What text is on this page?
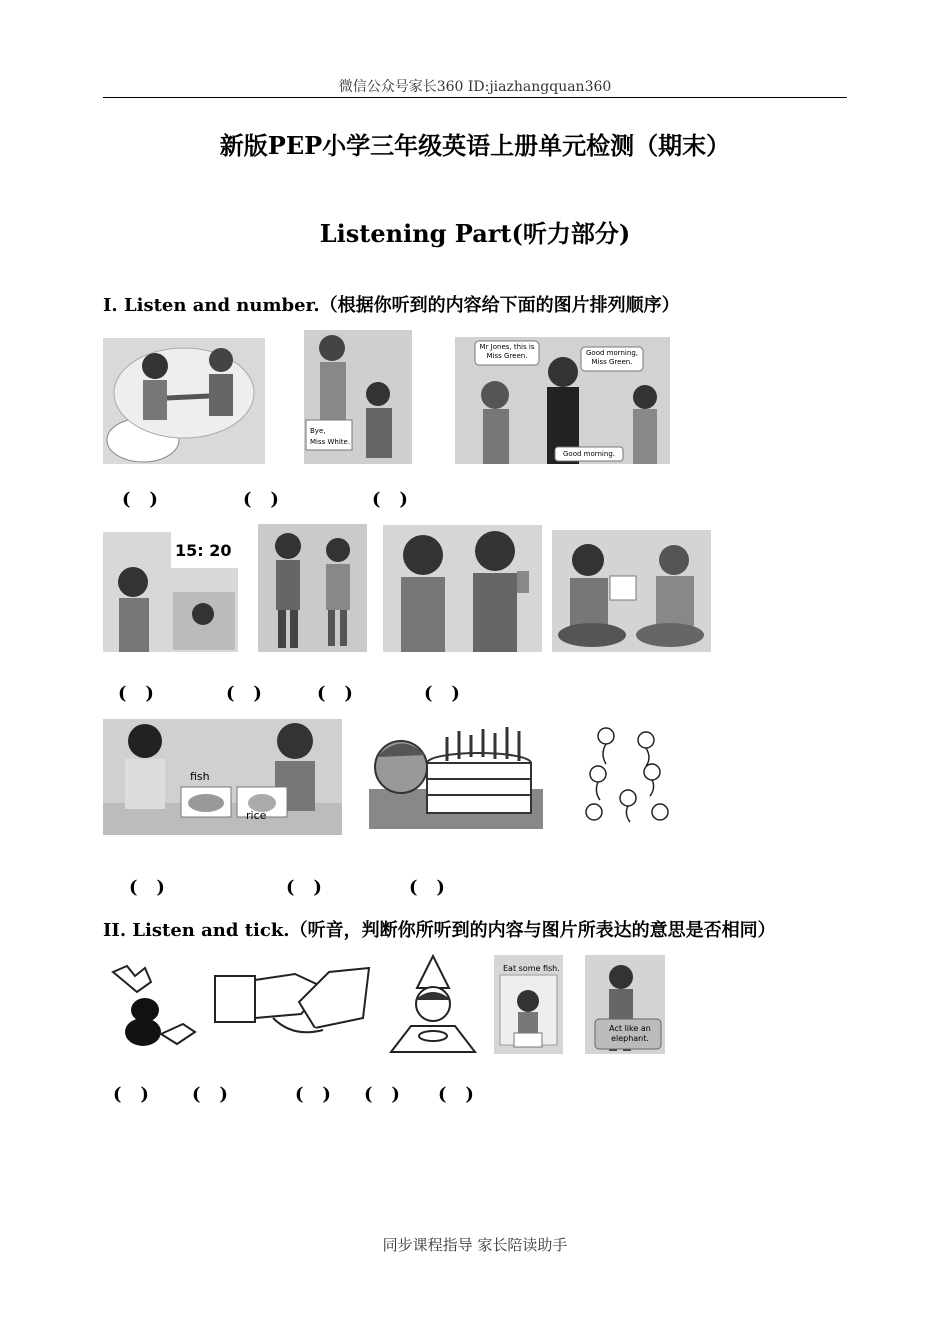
微信公众号家长360 ID:jiazhangquan360
新版PEP小学三年级英语上册单元检测（期末）
Listening Part(听力部分)
I. Listen and number.（根据你听到的内容给下面的图片排列顺序）
Bye,
Miss White.
Mr Jones, this is Miss Green.	Good morning, Miss Green.
Good morning.
(   )	(   )	(   )
15: 20
(   )	(   )	(   )	(   )
fish
rice
(   )	(   )	(   )
II. Listen and tick.（听音，判断你所听到的内容与图片所表达的意思是否相同）
Eat some fish.
Act like an elephant.
(   ) (   )	(   ) (   ) (   )
同步课程指导 家长陪读助手
